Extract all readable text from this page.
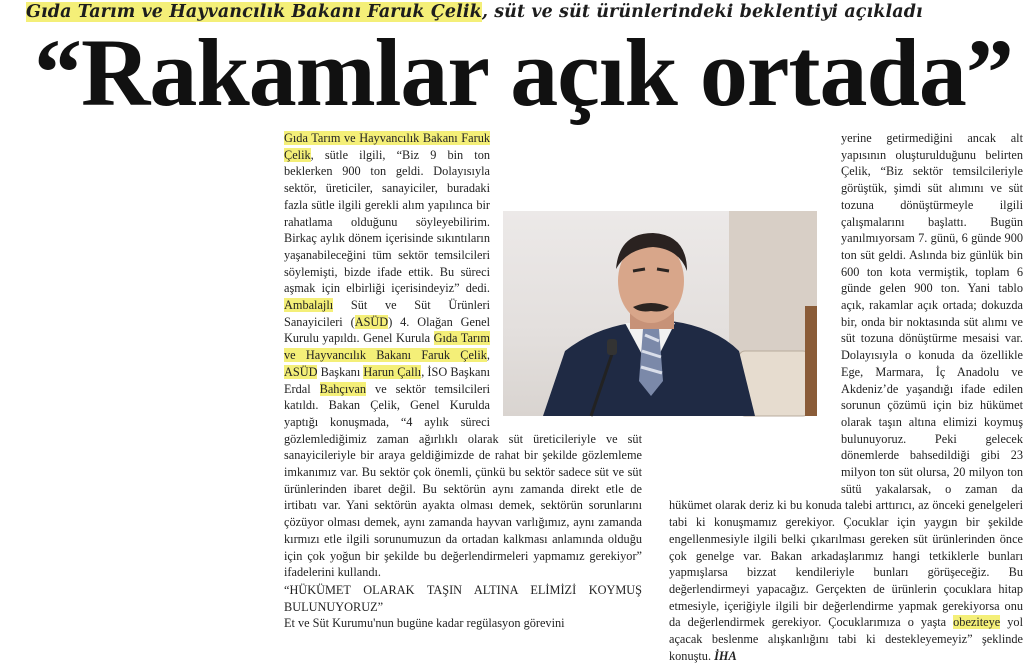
Gıda Tarım ve Hayvancılık Bakanı Faruk Çelik, süt ve süt ürünlerindeki beklentiyi açıkladı
“Rakamlar açık ortada”

Gıda Tarım ve Hayvancılık Bakanı Faruk Çelik, sütle ilgili, “Biz 9 bin ton beklerken 900 ton geldi. Dolayısıyla sektör, üreticiler, sanayiciler, buradaki fazla sütle ilgili gerekli alım yapılınca bir rahatlama olduğunu söyleyebilirim. Birkaç aylık dönem içerisinde sıkıntıların yaşanabileceğini tüm sektör temsilcileri söylemişti, bizde ifade ettik. Bu süreci aşmak için elbirliği içerisindeyiz” dedi. Ambalajlı Süt ve Süt Ürünleri Sanayicileri (ASÜD) 4. Olağan Genel Kurulu yapıldı. Genel Kurula Gıda Tarım ve Hayvancılık Bakanı Faruk Çelik, ASÜD Başkanı Harun Çallı, İSO Başkanı Erdal Bahçıvan ve sektör temsilcileri katıldı. Bakan Çelik, Genel Kurulda yaptığı konuşmada, “4 aylık süreci gözlemlediğimiz zaman ağırlıklı olarak süt üreticileriyle ve süt sanayicileriyle bir araya geldiğimizde de rahat bir şekilde gözlemleme imkanımız var. Bu sektör çok önemli, çünkü bu sektör sadece süt ve süt ürünlerinden ibaret değil. Bu sektörün aynı zamanda direkt etle de irtibatı var. Yani sektörün ayakta olması demek, sektörün sorunlarını çözüyor olması demek, aynı zamanda hayvan varlığımız, aynı zamanda kırmızı etle ilgili sorunumuzun da ortadan kalkması anlamında olduğu için çok yoğun bir şekilde bu değerlendirmeleri yapmamız gerekiyor” ifadelerini kullandı.

“HÜKÜMET OLARAK TAŞIN ALTINA ELİMİZİ KOYMUŞ BULUNUYORUZ”

Et ve Süt Kurumu'nun bugüne kadar regülasyon görevini

yerine getirmediğini ancak alt yapısının oluşturulduğunu belirten Çelik, “Biz sektör temsilcileriyle görüştük, şimdi süt alımını ve süt tozuna dönüştürmeyle ilgili çalışmalarını başlattı. Bugün yanılmıyorsam 7. günü, 6 günde 900 ton süt geldi. Aslında biz günlük bin 600 ton kota vermiştik, toplam 6 günde gelen 900 ton. Yani tablo açık, rakamlar açık ortada; dokuzda bir, onda bir noktasında süt alımı ve süt tozuna dönüştürme mesaisi var. Dolayısıyla o konuda da özellikle Ege, Marmara, İç Anadolu ve Akdeniz’de yaşandığı ifade edilen sorunun çözümü için biz hükümet olarak taşın altına elimizi koymuş bulunuyoruz. Peki gelecek dönemlerde bahsedildiği gibi 23 milyon ton süt olursa, 20 milyon ton sütü yakalarsak, o zaman da hükümet olarak deriz ki bu konuda talebi arttırıcı, az önceki genelgeleri tabi ki konuşmamız gerekiyor. Çocuklar için yaygın bir şekilde engellenmesiyle ilgili belki çıkarılması gereken süt ürünlerinden önce çok genelge var. Bakan arkadaşlarımız hangi tetkiklerle bunları yapmışlarsa bizzat kendileriyle bunları görüşeceğiz. Bu değerlendirmeyi yapacağız. Gerçekten de ürünlerin çocuklara hitap etmesiyle, içeriğiyle ilgili bir değerlendirme yapmak gerekiyorsa onu da değerlendirmek gerekiyor. Çocuklarımıza o yaşta obeziteye yol açacak beslenme alışkanlığını tabi ki destekleyemeyiz” şeklinde konuştu. İHA
